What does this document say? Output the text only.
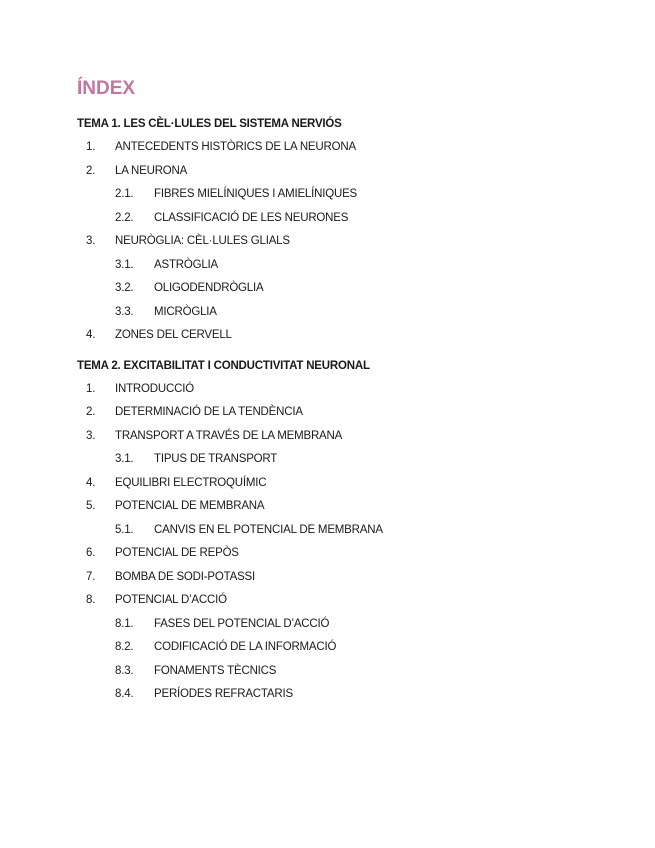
ÍNDEX
TEMA 1. LES CÈL·LULES DEL SISTEMA NERVIÓS
1. ANTECEDENTS HISTÒRICS DE LA NEURONA
2. LA NEURONA
2.1. FIBRES MIELÍNIQUES I AMIELÍNIQUES
2.2. CLASSIFICACIÓ DE LES NEURONES
3. NEURÒGLIA: CÈL·LULES GLIALS
3.1. ASTRÒGLIA
3.2. OLIGODENDRÒGLIA
3.3. MICRÒGLIA
4. ZONES DEL CERVELL
TEMA 2. EXCITABILITAT I CONDUCTIVITAT NEURONAL
1. INTRODUCCIÓ
2. DETERMINACIÓ DE LA TENDÈNCIA
3. TRANSPORT A TRAVÉS DE LA MEMBRANA
3.1. TIPUS DE TRANSPORT
4. EQUILIBRI ELECTROQUÍMIC
5. POTENCIAL DE MEMBRANA
5.1. CANVIS EN EL POTENCIAL DE MEMBRANA
6. POTENCIAL DE REPÒS
7. BOMBA DE SODI-POTASSI
8. POTENCIAL D’ACCIÓ
8.1. FASES DEL POTENCIAL D’ACCIÓ
8.2. CODIFICACIÓ DE LA INFORMACIÓ
8.3. FONAMENTS TÈCNICS
8.4. PERÍODES REFRACTARIS
